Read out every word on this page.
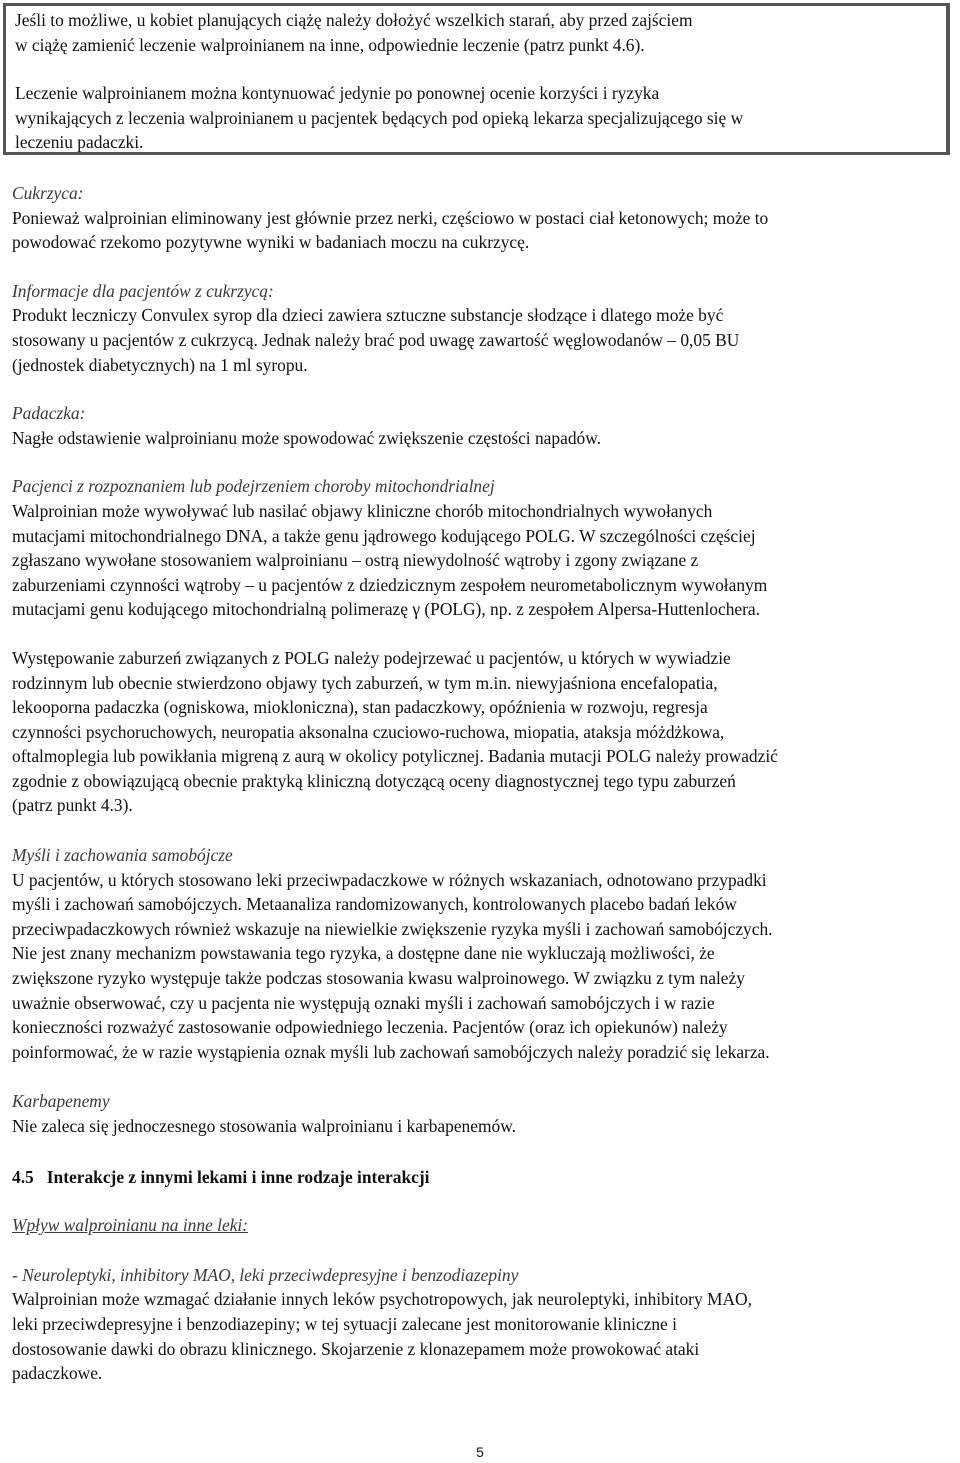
Jeśli to możliwe, u kobiet planujących ciążę należy dołożyć wszelkich starań, aby przed zajściem
w ciążę zamienić leczenie walproinianem na inne, odpowiednie leczenie (patrz punkt 4.6).

Leczenie walproinianem można kontynuować jedynie po ponownej ocenie korzyści i ryzyka
wynikających z leczenia walproinianem u pacjentek będących pod opieką lekarza specjalizującego się w
leczeniu padaczki.

Cukrzyca:
Ponieważ walproinian eliminowany jest głównie przez nerki, częściowo w postaci ciał ketonowych; może to
powodować rzekomo pozytywne wyniki w badaniach moczu na cukrzycę.

Informacje dla pacjentów z cukrzycą:
Produkt leczniczy Convulex syrop dla dzieci zawiera sztuczne substancje słodzące i dlatego może być
stosowany u pacjentów z cukrzycą. Jednak należy brać pod uwagę zawartość węglowodanów – 0,05 BU
(jednostek diabetycznych) na 1 ml syropu.

Padaczka:
Nagłe odstawienie walproinianu może spowodować zwiększenie częstości napadów.

Pacjenci z rozpoznaniem lub podejrzeniem choroby mitochondrialnej
Walproinian może wywoływać lub nasilać objawy kliniczne chorób mitochondrialnych wywołanych
mutacjami mitochondrialnego DNA, a także genu jądrowego kodującego POLG. W szczególności częściej
zgłaszano wywołane stosowaniem walproinianu – ostrą niewydolność wątroby i zgony związane z
zaburzeniami czynności wątroby – u pacjentów z dziedzicznym zespołem neurometabolicznym wywołanym
mutacjami genu kodującego mitochondrialną polimerazę γ (POLG), np. z zespołem Alpersa-Huttenlochera.

Występowanie zaburzeń związanych z POLG należy podejrzewać u pacjentów, u których w wywiadzie
rodzinnym lub obecnie stwierdzono objawy tych zaburzeń, w tym m.in. niewyjaśniona encefalopatia,
lekooporna padaczka (ogniskowa, miokloniczna), stan padaczkowy, opóźnienia w rozwoju, regresja
czynności psychoruchowych, neuropatia aksonalna czuciowo-ruchowa, miopatia, ataksja móżdżkowa,
oftalmoplegia lub powikłania migreną z aurą w okolicy potylicznej. Badania mutacji POLG należy prowadzić
zgodnie z obowiązującą obecnie praktyką kliniczną dotyczącą oceny diagnostycznej tego typu zaburzeń
(patrz punkt 4.3).

Myśli i zachowania samobójcze
U pacjentów, u których stosowano leki przeciwpadaczkowe w różnych wskazaniach, odnotowano przypadki
myśli i zachowań samobójczych. Metaanaliza randomizowanych, kontrolowanych placebo badań leków
przeciwpadaczkowych również wskazuje na niewielkie zwiększenie ryzyka myśli i zachowań samobójczych.
Nie jest znany mechanizm powstawania tego ryzyka, a dostępne dane nie wykluczają możliwości, że
zwiększone ryzyko występuje także podczas stosowania kwasu walproinowego. W związku z tym należy
uważnie obserwować, czy u pacjenta nie występują oznaki myśli i zachowań samobójczych i w razie
konieczności rozważyć zastosowanie odpowiedniego leczenia. Pacjentów (oraz ich opiekunów) należy
poinformować, że w razie wystąpienia oznak myśli lub zachowań samobójczych należy poradzić się lekarza.

Karbapenemy
Nie zaleca się jednoczesnego stosowania walproinianu i karbapenemów.

4.5   Interakcje z innymi lekami i inne rodzaje interakcji

Wpływ walproinianu na inne leki:

- Neuroleptyki, inhibitory MAO, leki przeciwdepresyjne i benzodiazepiny
Walproinian może wzmagać działanie innych leków psychotropowych, jak neuroleptyki, inhibitory MAO,
leki przeciwdepresyjne i benzodiazepiny; w tej sytuacji zalecane jest monitorowanie kliniczne i
dostosowanie dawki do obrazu klinicznego. Skojarzenie z klonazepamem może prowokować ataki
padaczkowe.

5
